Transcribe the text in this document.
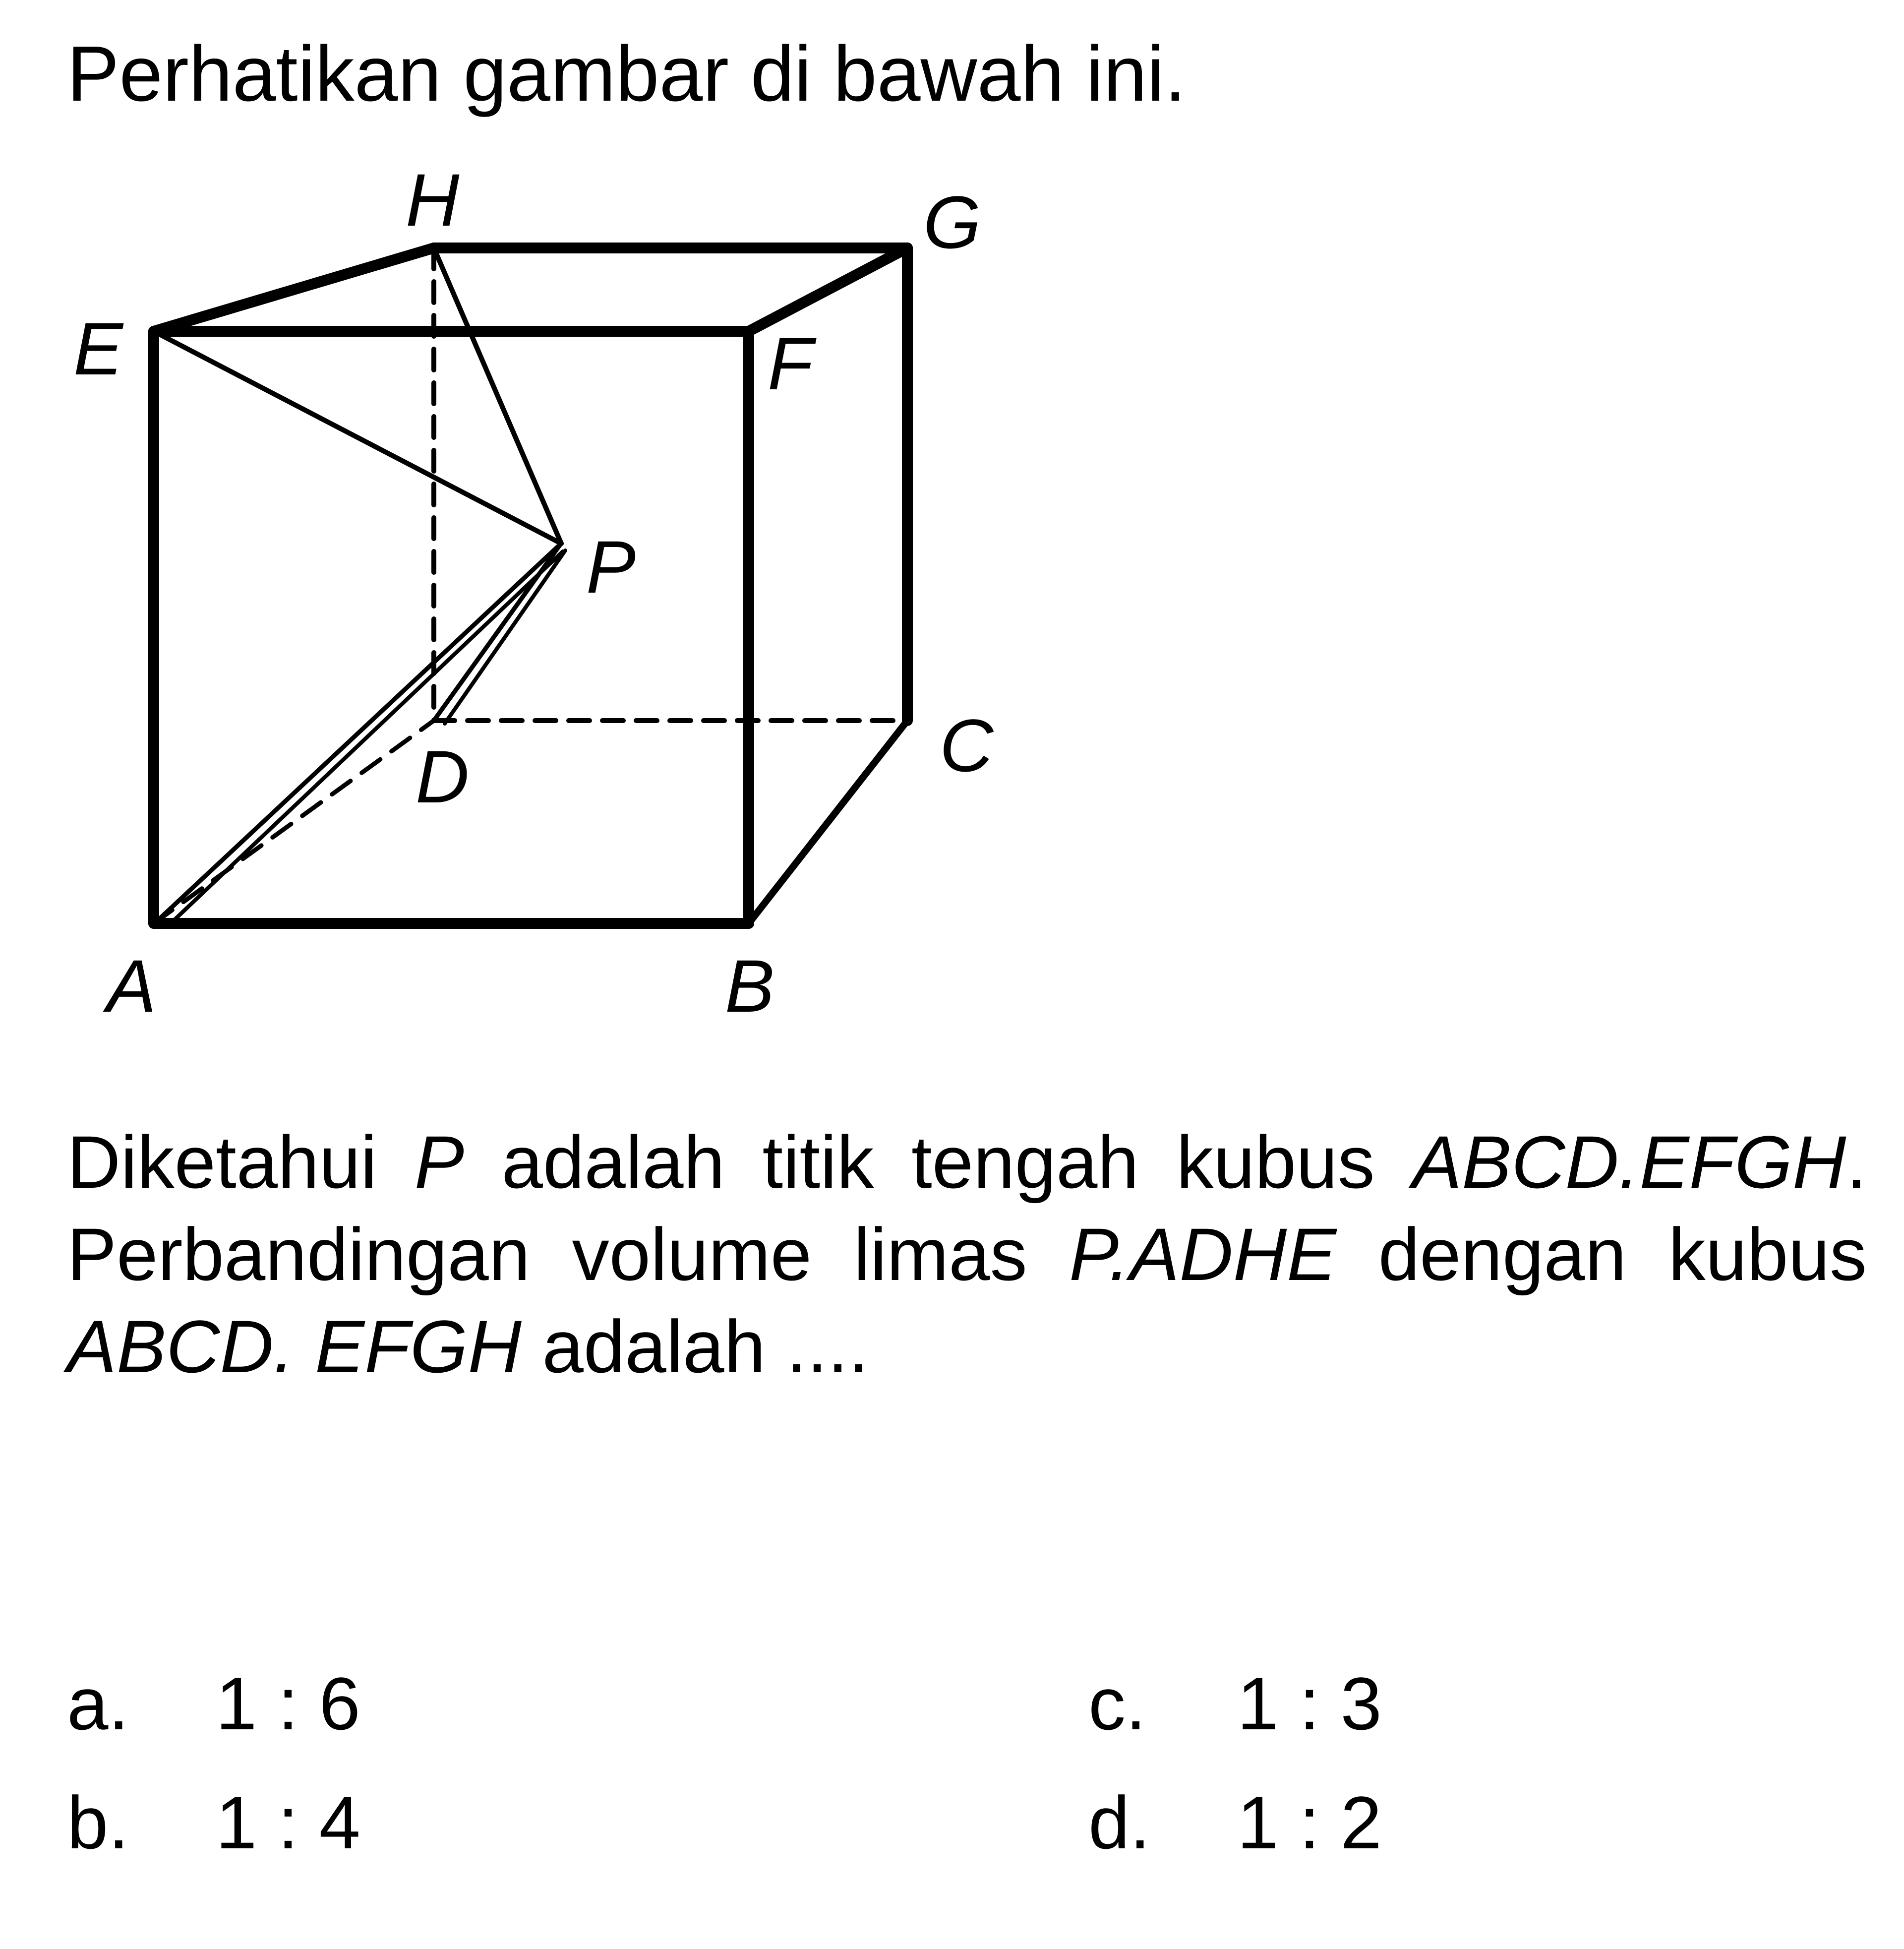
Perhatikan gambar di bawah ini.
H	G
E	F
P
C
D
A	B

Diketahui P adalah titik tengah kubus ABCD.EFGH. Perbandingan volume limas P.ADHE dengan kubus ABCD. EFGH adalah ....

a. 1 : 6
b. 1 : 4
c. 1 : 3
d. 1 : 2
